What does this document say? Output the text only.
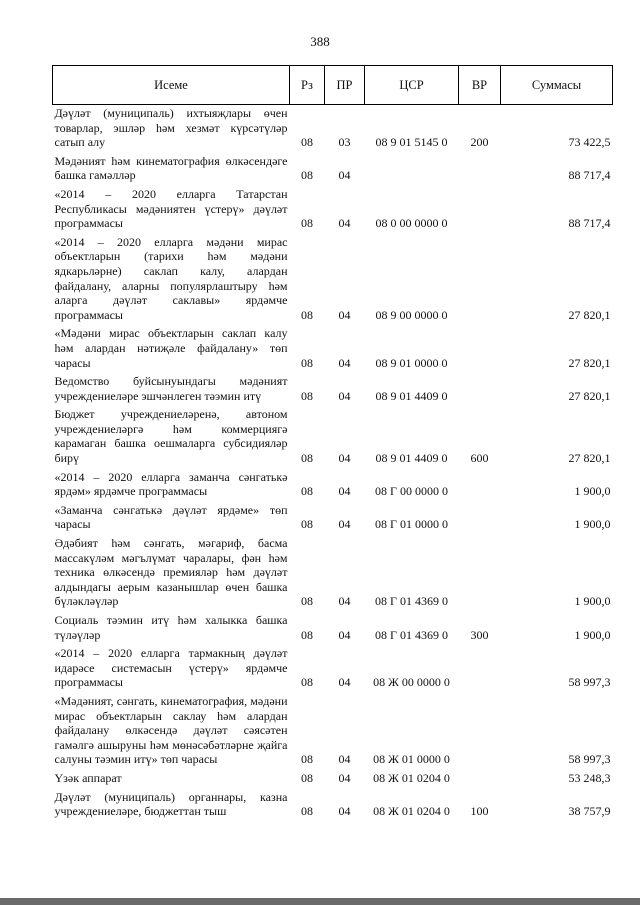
388
Исеме	Рз	ПР	ЦСР	ВР	Суммасы
Дәүләт (муниципаль) ихтыяҗлары өчен товарлар, эшләр һәм хезмәт күрсәтүләр сатып алу	08	03	08 9 01 5145 0	200	73 422,5
Мәдәният һәм кинематография өлкәсендәге башка гамәлләр	08	04			88 717,4
«2014 – 2020 елларга Татарстан Республикасы мәдәниятен үстерү» дәүләт программасы	08	04	08 0 00 0000 0		88 717,4
«2014 – 2020 елларга мәдәни мирас объектларын (тарихи һәм мәдәни ядкарьләрне) саклап калу, алардан файдалану, аларны популярлаштыру һәм аларга дәүләт саклавы» ярдәмче программасы	08	04	08 9 00 0000 0		27 820,1
«Мәдәни мирас объектларын саклап калу һәм алардан нәтиҗәле файдалану» төп чарасы	08	04	08 9 01 0000 0		27 820,1
Ведомство буйсынуындагы мәдәният учреждениеләре эшчәнлеген тәэмин итү	08	04	08 9 01 4409 0		27 820,1
Бюджет учреждениеләренә, автоном учреждениеләргә һәм коммерциягә карамаган башка оешмаларга субсидияләр бирү	08	04	08 9 01 4409 0	600	27 820,1
«2014 – 2020 елларга заманча сәнгатькә ярдәм» ярдәмче программасы	08	04	08 Г 00 0000 0		1 900,0
«Заманча сәнгатькә дәүләт ярдәме» төп чарасы	08	04	08 Г 01 0000 0		1 900,0
Әдәбият һәм сәнгать, мәгариф, басма массакүләм мәгълүмат чаралары, фән һәм техника өлкәсендә премияләр һәм дәүләт алдындагы аерым казанышлар өчен башка бүләкләүләр	08	04	08 Г 01 4369 0		1 900,0
Социаль тәэмин итү һәм халыкка башка түләүләр	08	04	08 Г 01 4369 0	300	1 900,0
«2014 – 2020 елларга тармакның дәүләт идарәсе системасын үстерү» ярдәмче программасы	08	04	08 Ж 00 0000 0		58 997,3
«Мәдәният, сәнгать, кинематография, мәдәни мирас объектларын саклау һәм алардан файдалану өлкәсендә дәүләт сәясәтен гамәлгә ашыруны һәм мөнәсәбәтләрне җайга салуны тәэмин итү» төп чарасы	08	04	08 Ж 01 0000 0		58 997,3
Үзәк аппарат	08	04	08 Ж 01 0204 0		53 248,3
Дәүләт (муниципаль) органнары, казна учреждениеләре, бюджеттан тыш	08	04	08 Ж 01 0204 0	100	38 757,9
